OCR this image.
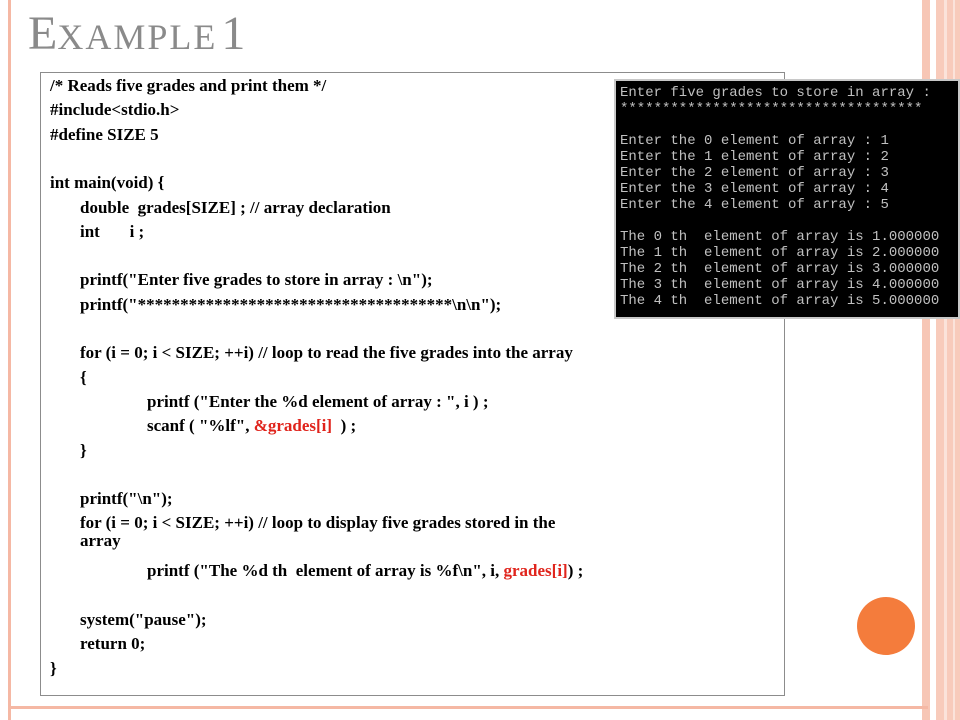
EXAMPLE 1
/* Reads five grades and print them */
#include<stdio.h>
#define SIZE 5
int main(void) {
double  grades[SIZE] ; // array declaration
int       i ;
printf("Enter five grades to store in array : \n");
printf("*************************************\n\n");
for (i = 0; i < SIZE; ++i) // loop to read the five grades into the array
{
printf ("Enter the %d element of array : ", i ) ;
scanf ( "%lf", &grades[i]  ) ;
}
printf("\n");
for (i = 0; i < SIZE; ++i) // loop to display five grades stored in the
array
printf ("The %d th  element of array is %f\n", i, grades[i]) ;
system("pause");
return 0;
}
Enter five grades to store in array :
************************************
Enter the 0 element of array : 1
Enter the 1 element of array : 2
Enter the 2 element of array : 3
Enter the 3 element of array : 4
Enter the 4 element of array : 5
The 0 th  element of array is 1.000000
The 1 th  element of array is 2.000000
The 2 th  element of array is 3.000000
The 3 th  element of array is 4.000000
The 4 th  element of array is 5.000000
